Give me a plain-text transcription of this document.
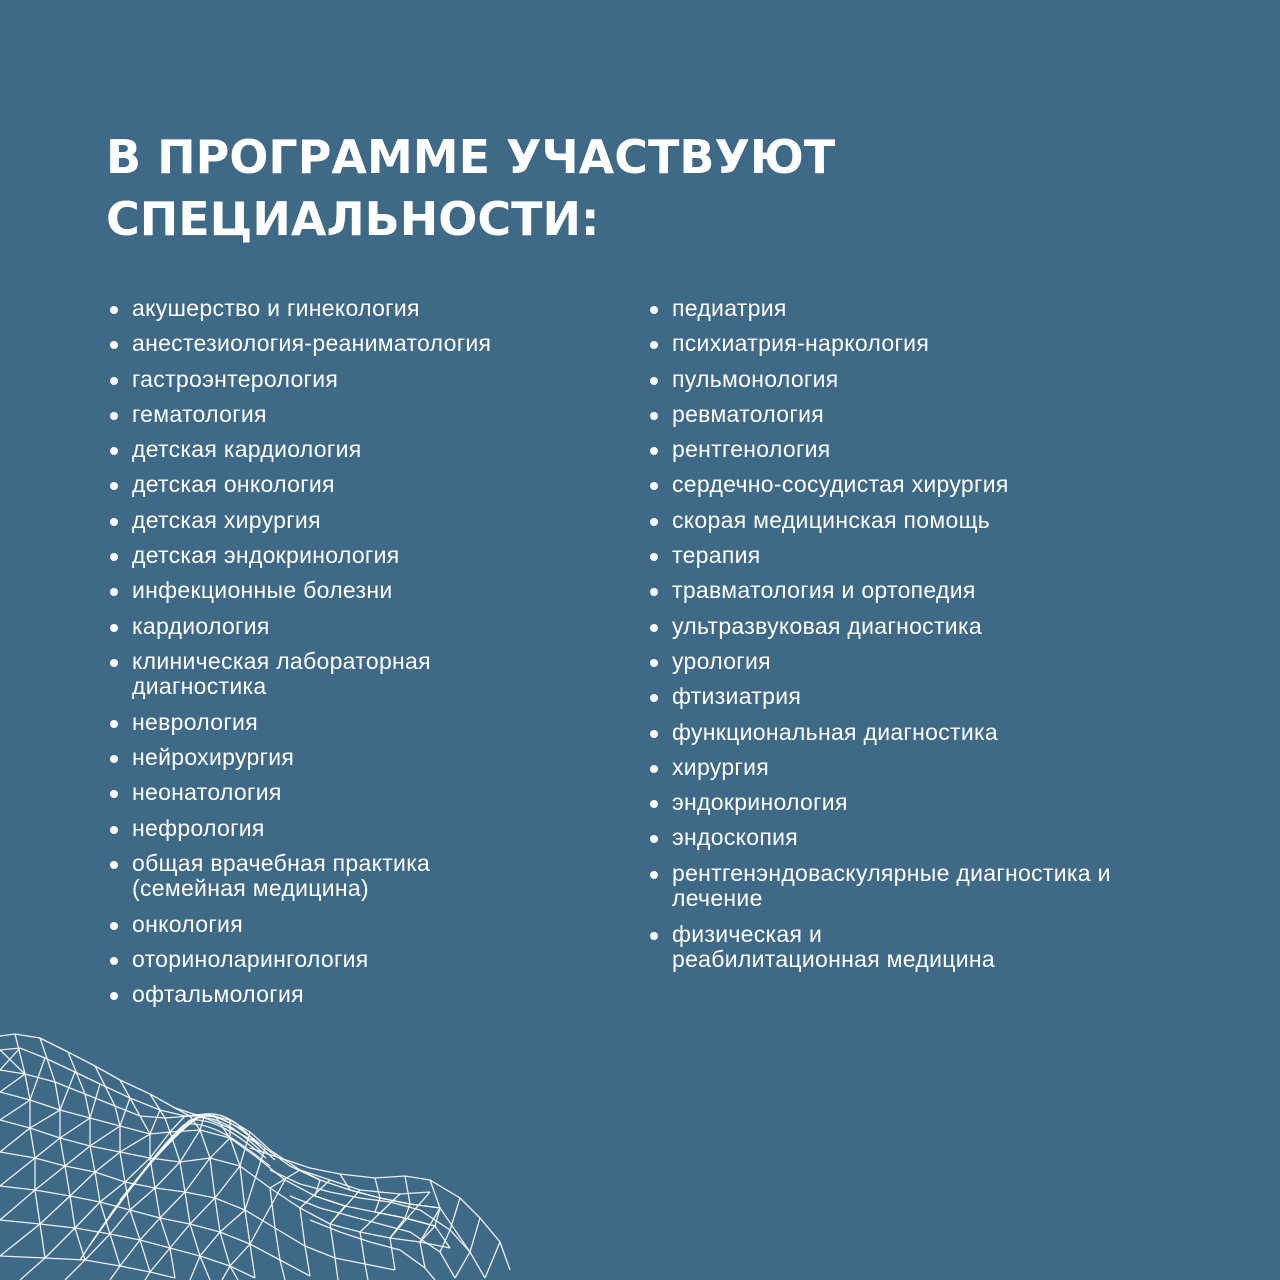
В ПРОГРАММЕ УЧАСТВУЮТ
СПЕЦИАЛЬНОСТИ:
акушерство и гинекология
анестезиология-реаниматология
гастроэнтерология
гематология
детская кардиология
детская онкология
детская хирургия
детская эндокринология
инфекционные болезни
кардиология
клиническая лабораторная диагностика
неврология
нейрохирургия
неонатология
нефрология
общая врачебная практика (семейная медицина)
онкология
оториноларингология
офтальмология
педиатрия
психиатрия-наркология
пульмонология
ревматология
рентгенология
сердечно-сосудистая хирургия
скорая медицинская помощь
терапия
травматология и ортопедия
ультразвуковая диагностика
урология
фтизиатрия
функциональная диагностика
хирургия
эндокринология
эндоскопия
рентгенэндоваскулярные диагностика и лечение
физическая и реабилитационная медицина
